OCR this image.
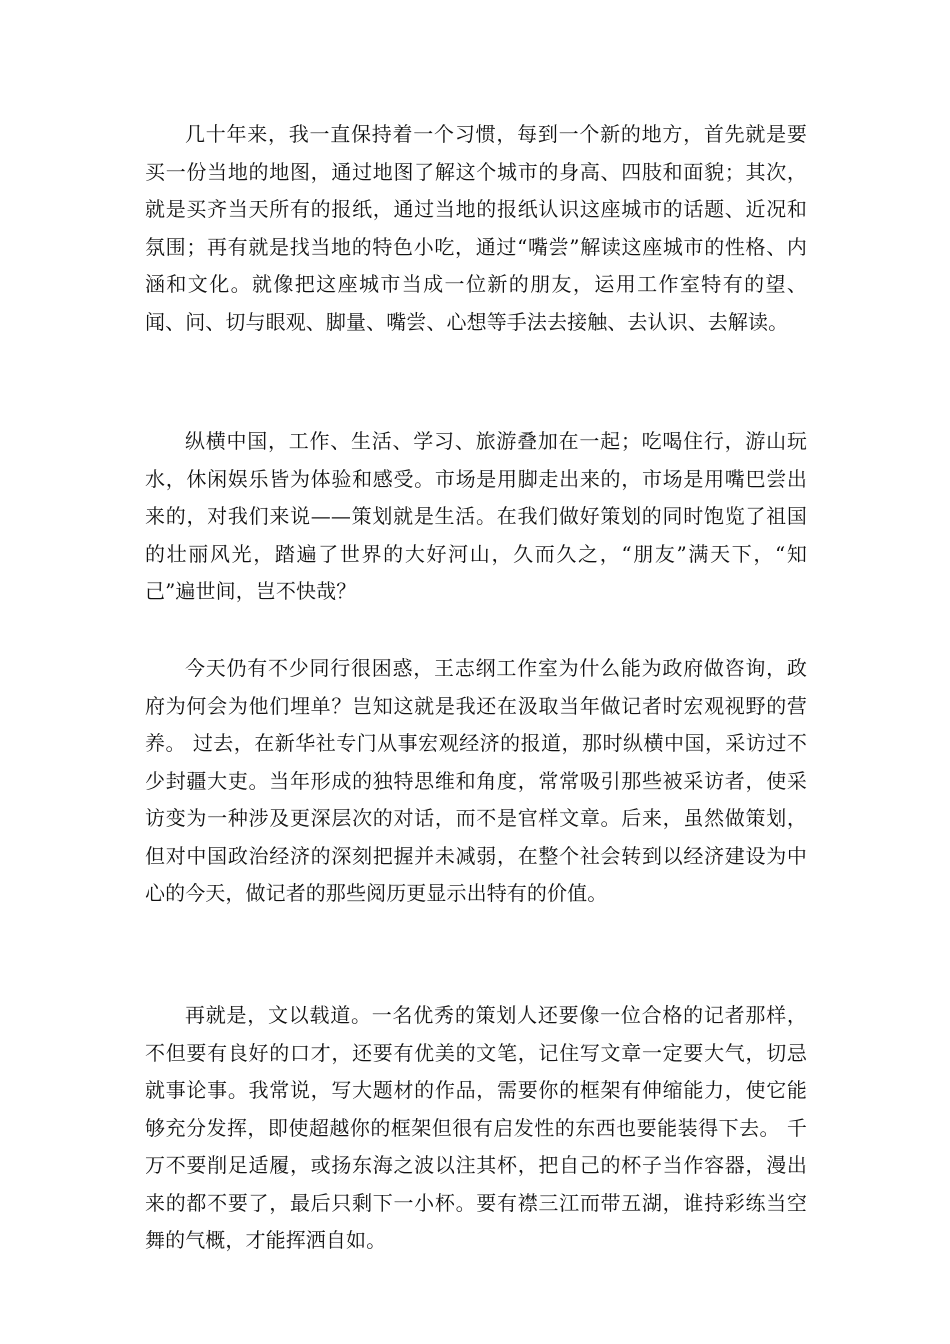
几十年来，我一直保持着一个习惯，每到一个新的地方，首先就是要买一份当地的地图，通过地图了解这个城市的身高、四肢和面貌；其次，就是买齐当天所有的报纸，通过当地的报纸认识这座城市的话题、近况和氛围；再有就是找当地的特色小吃，通过“嘴尝”解读这座城市的性格、内涵和文化。就像把这座城市当成一位新的朋友，运用工作室特有的望、闻、问、切与眼观、脚量、嘴尝、心想等手法去接触、去认识、去解读。

纵横中国，工作、生活、学习、旅游叠加在一起；吃喝住行，游山玩水，休闲娱乐皆为体验和感受。市场是用脚走出来的，市场是用嘴巴尝出来的，对我们来说——策划就是生活。在我们做好策划的同时饱览了祖国的壮丽风光，踏遍了世界的大好河山，久而久之，“朋友”满天下，“知己”遍世间，岂不快哉？

今天仍有不少同行很困惑，王志纲工作室为什么能为政府做咨询，政府为何会为他们埋单？岂知这就是我还在汲取当年做记者时宏观视野的营养。 过去，在新华社专门从事宏观经济的报道，那时纵横中国，采访过不少封疆大吏。当年形成的独特思维和角度，常常吸引那些被采访者，使采访变为一种涉及更深层次的对话，而不是官样文章。后来，虽然做策划，但对中国政治经济的深刻把握并未减弱，在整个社会转到以经济建设为中心的今天，做记者的那些阅历更显示出特有的价值。

再就是，文以载道。一名优秀的策划人还要像一位合格的记者那样，不但要有良好的口才，还要有优美的文笔，记住写文章一定要大气，切忌就事论事。我常说，写大题材的作品，需要你的框架有伸缩能力，使它能够充分发挥，即使超越你的框架但很有启发性的东西也要能装得下去。 千万不要削足适履，或扬东海之波以注其杯，把自己的杯子当作容器，漫出来的都不要了，最后只剩下一小杯。要有襟三江而带五湖，谁持彩练当空舞的气概，才能挥洒自如。
